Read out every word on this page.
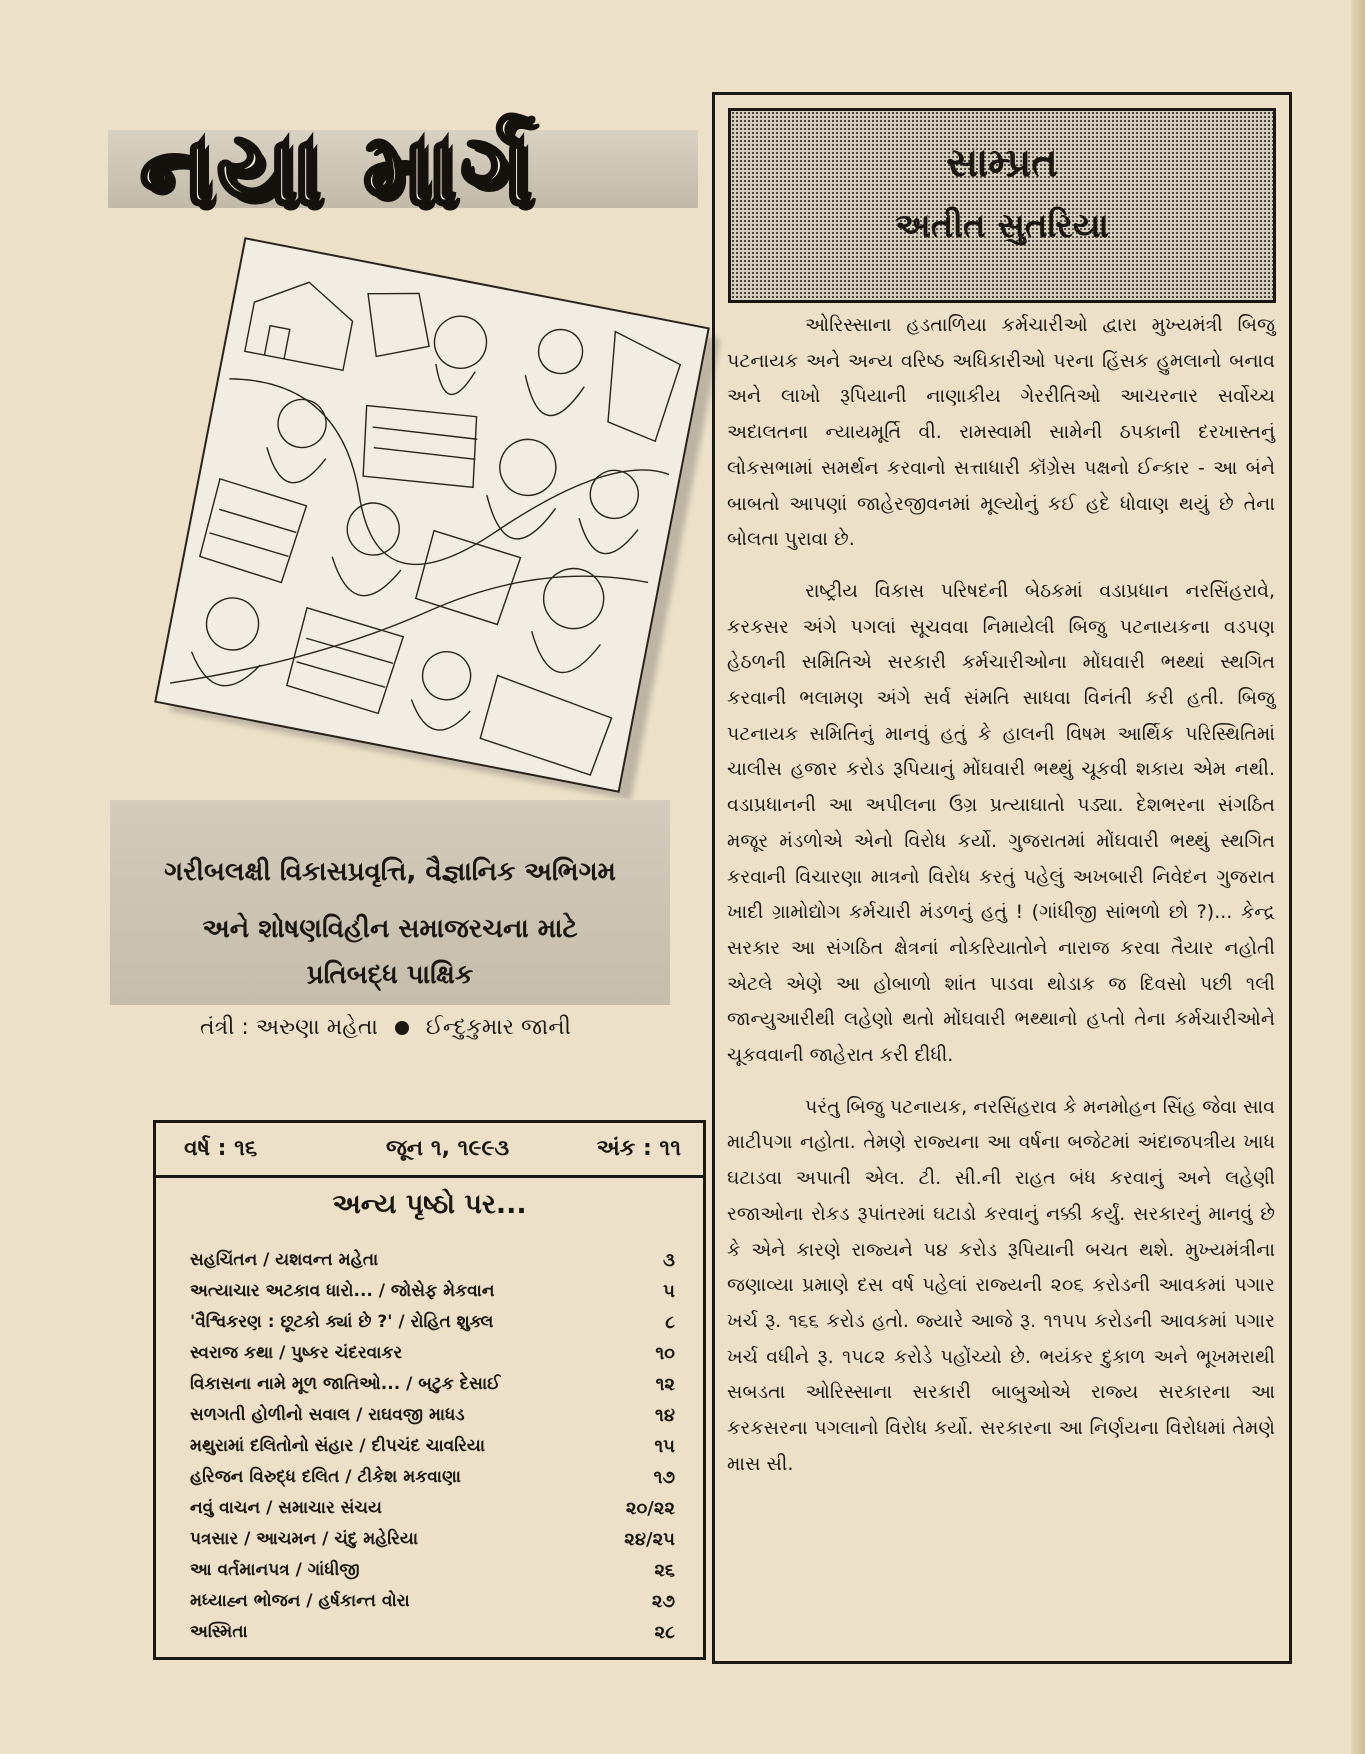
નયા માર્ગ
ગરીબલક્ષી વિકાસપ્રવૃત્તિ, વૈજ્ઞાનિક અભિગમ
અને શોષણવિહીન સમાજરચના માટે
પ્રતિબદ્ધ પાક્ષિક
તંત્રી : અરુણા મહેતા ઈન્દુકુમાર જાની
વર્ષ : ૧૬	જૂન ૧, ૧૯૯૩	અંક : ૧૧
અન્ય પૃષ્ઠો પર...
સહચિંતન / યશવન્ત મહેતા	૩
અત્યાચાર અટકાવ ધારો... / જોસેફ મેકવાન	૫
'વૈશ્વિકરણ : છૂટકો ક્યાં છે ?' / રોહિત શુક્લ	૮
સ્વરાજ કથા / પુષ્કર ચંદરવાકર	૧૦
વિકાસના નામે મૂળ જાતિઓ... / બટુક દેસાઈ	૧૨
સળગતી હોળીનો સવાલ / રાઘવજી માધડ	૧૪
મથુરામાં દલિતોનો સંહાર / દીપચંદ ચાવરિયા	૧૫
હરિજન વિરુદ્ધ દલિત / ટીકેશ મકવાણા	૧૭
નવું વાચન / સમાચાર સંચય	૨૦/૨૨
પત્રસાર / આચમન / ચંદુ મહેરિયા	૨૪/૨૫
આ વર્તમાનપત્ર / ગાંધીજી	૨૬
મધ્યાહ્ન ભોજન / હર્ષકાન્ત વોરા	૨૭
અસ્મિતા	૨૮
સામ્પ્રત
અતીત સુતરિયા

ઓરિસ્સાના હડતાળિયા કર્મચારીઓ દ્વારા મુખ્યમંત્રી બિજુ પટનાયક અને અન્ય વરિષ્ઠ અધિકારીઓ પરના હિંસક હુમલાનો બનાવ અને લાખો રૂપિયાની નાણાકીય ગેરરીતિઓ આચરનાર સર્વોચ્ચ અદાલતના ન્યાયમૂર્તિ વી. રામસ્વામી સામેની ઠપકાની દરખાસ્તનું લોકસભામાં સમર્થન કરવાનો સત્તાધારી કૉંગ્રેસ પક્ષનો ઈન્કાર - આ બંને બાબતો આપણાં જાહેરજીવનમાં મૂલ્યોનું કઈ હદે ધોવાણ થયું છે તેના બોલતા પુરાવા છે.

રાષ્ટ્રીય વિકાસ પરિષદની બેઠકમાં વડાપ્રધાન નરસિંહરાવે, કરકસર અંગે પગલાં સૂચવવા નિમાયેલી બિજુ પટનાયકના વડપણ હેઠળની સમિતિએ સરકારી કર્મચારીઓના મોંઘવારી ભથ્થાં સ્થગિત કરવાની ભલામણ અંગે સર્વ સંમતિ સાધવા વિનંતી કરી હતી. બિજુ પટનાયક સમિતિનું માનવું હતું કે હાલની વિષમ આર્થિક પરિસ્થિતિમાં ચાલીસ હજાર કરોડ રૂપિયાનું મોંઘવારી ભથ્થું ચૂકવી શકાય એમ નથી. વડાપ્રધાનની આ અપીલના ઉગ્ર પ્રત્યાઘાતો પડ્યા. દેશભરના સંગઠિત મજૂર મંડળોએ એનો વિરોધ કર્યો. ગુજરાતમાં મોંઘવારી ભથ્થું સ્થગિત કરવાની વિચારણા માત્રનો વિરોધ કરતું પહેલું અખબારી નિવેદન ગુજરાત ખાદી ગ્રામોદ્યોગ કર્મચારી મંડળનું હતું ! (ગાંધીજી સાંભળો છો ?)... કેન્દ્ર સરકાર આ સંગઠિત ક્ષેત્રનાં નોકરિયાતોને નારાજ કરવા તૈયાર નહોતી એટલે એણે આ હોબાળો શાંત પાડવા થોડાક જ દિવસો પછી ૧લી જાન્યુઆરીથી લહેણો થતો મોંઘવારી ભથ્થાનો હપ્તો તેના કર્મચારીઓને ચૂકવવાની જાહેરાત કરી દીધી.

પરંતુ બિજુ પટનાયક, નરસિંહરાવ કે મનમોહન સિંહ જેવા સાવ માટીપગા નહોતા. તેમણે રાજ્યના આ વર્ષના બજેટમાં અંદાજપત્રીય ખાધ ઘટાડવા અપાતી એલ. ટી. સી.ની રાહત બંધ કરવાનું અને લહેણી રજાઓના રોકડ રૂપાંતરમાં ઘટાડો કરવાનું નક્કી કર્યું. સરકારનું માનવું છે કે એને કારણે રાજ્યને ૫૪ કરોડ રૂપિયાની બચત થશે. મુખ્યમંત્રીના જણાવ્યા પ્રમાણે દસ વર્ષ પહેલાં રાજ્યની ૨૦૬ કરોડની આવકમાં પગાર ખર્ચ રૂ. ૧૬૬ કરોડ હતો. જ્યારે આજે રૂ. ૧૧૫૫ કરોડની આવકમાં પગાર ખર્ચ વધીને રૂ. ૧૫૮૨ કરોડે પહોંચ્યો છે. ભયંકર દુકાળ અને ભૂખમરાથી સબડતા ઓરિસ્સાના સરકારી બાબુઓએ રાજ્ય સરકારના આ કરકસરના પગલાનો વિરોધ કર્યો. સરકારના આ નિર્ણયના વિરોધમાં તેમણે માસ સી.
